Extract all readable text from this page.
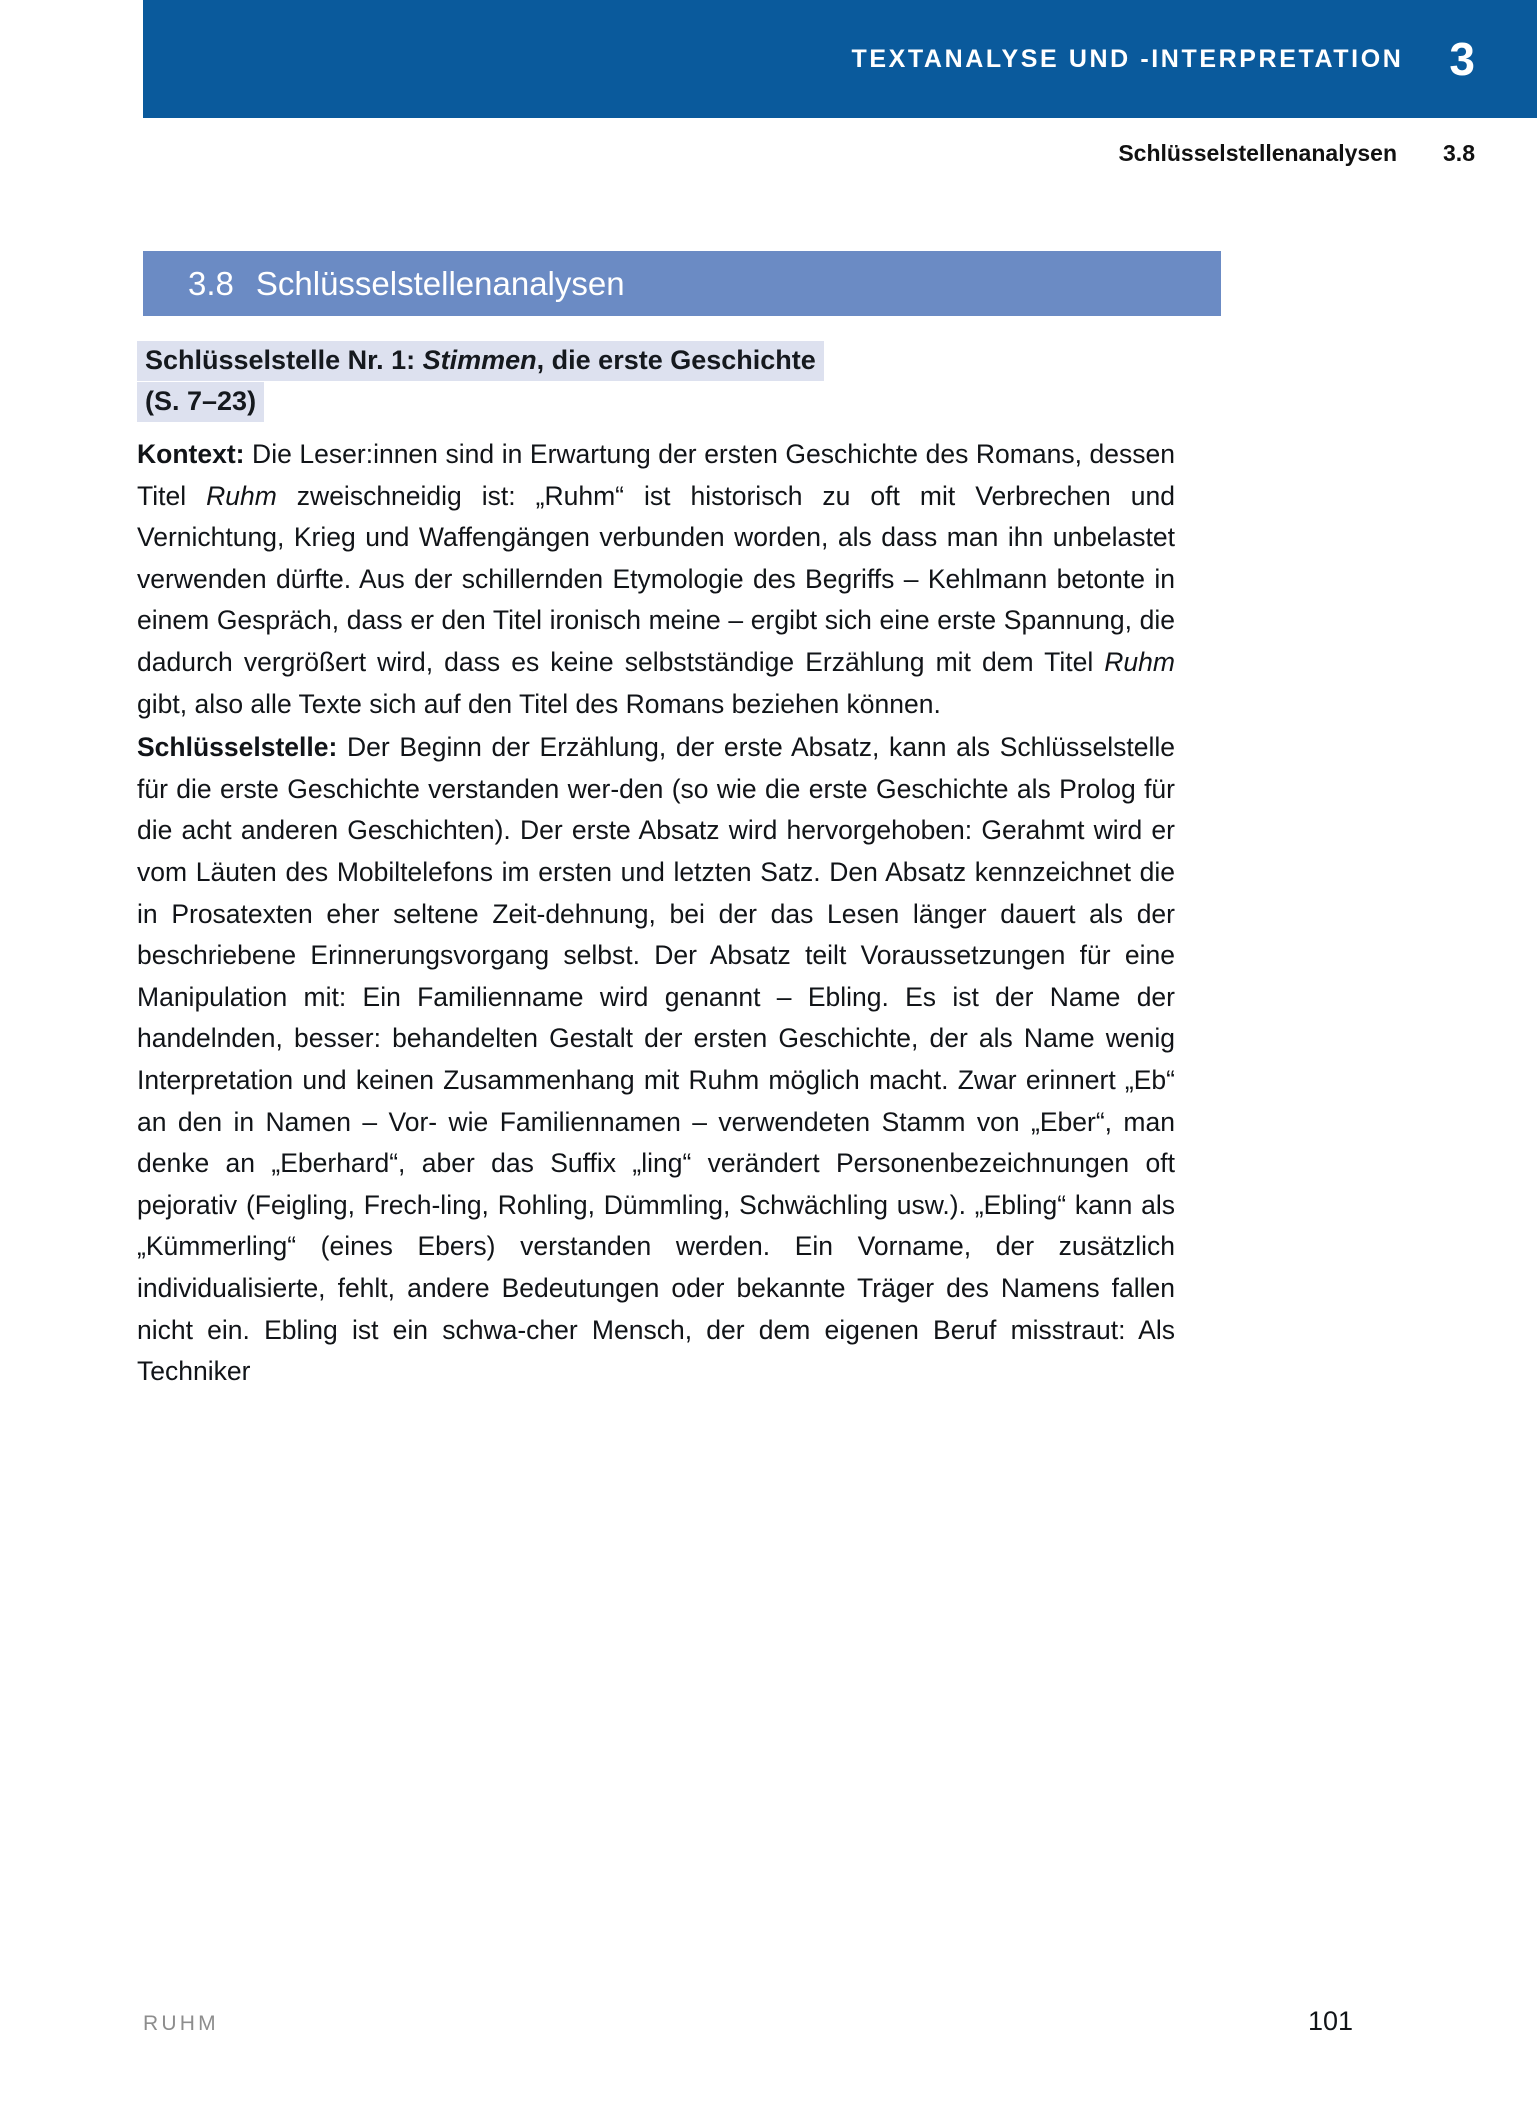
TEXTANALYSE UND -INTERPRETATION 3
Schlüsselstellenanalysen 3.8
3.8 Schlüsselstellenanalysen
Schlüsselstelle Nr. 1: Stimmen, die erste Geschichte
(S. 7–23)

Kontext: Die Leser:innen sind in Erwartung der ersten Geschichte des Romans, dessen Titel Ruhm zweischneidig ist: „Ruhm“ ist historisch zu oft mit Verbrechen und Vernichtung, Krieg und Waffengängen verbunden worden, als dass man ihn unbelastet verwenden dürfte. Aus der schillernden Etymologie des Begriffs – Kehlmann betonte in einem Gespräch, dass er den Titel ironisch meine – ergibt sich eine erste Spannung, die dadurch vergrößert wird, dass es keine selbstständige Erzählung mit dem Titel Ruhm gibt, also alle Texte sich auf den Titel des Romans beziehen können.

Schlüsselstelle: Der Beginn der Erzählung, der erste Absatz, kann als Schlüsselstelle für die erste Geschichte verstanden wer-den (so wie die erste Geschichte als Prolog für die acht anderen Geschichten). Der erste Absatz wird hervorgehoben: Gerahmt wird er vom Läuten des Mobiltelefons im ersten und letzten Satz. Den Absatz kennzeichnet die in Prosatexten eher seltene Zeit-dehnung, bei der das Lesen länger dauert als der beschriebene Erinnerungsvorgang selbst. Der Absatz teilt Voraussetzungen für eine Manipulation mit: Ein Familienname wird genannt – Ebling. Es ist der Name der handelnden, besser: behandelten Gestalt der ersten Geschichte, der als Name wenig Interpretation und keinen Zusammenhang mit Ruhm möglich macht. Zwar erinnert „Eb“ an den in Namen – Vor- wie Familiennamen – verwendeten Stamm von „Eber“, man denke an „Eberhard“, aber das Suffix „ling“ verändert Personenbezeichnungen oft pejorativ (Feigling, Frech-ling, Rohling, Dümmling, Schwächling usw.). „Ebling“ kann als „Kümmerling“ (eines Ebers) verstanden werden. Ein Vorname, der zusätzlich individualisierte, fehlt, andere Bedeutungen oder bekannte Träger des Namens fallen nicht ein. Ebling ist ein schwa-cher Mensch, der dem eigenen Beruf misstraut: Als Techniker

RUHM	101
